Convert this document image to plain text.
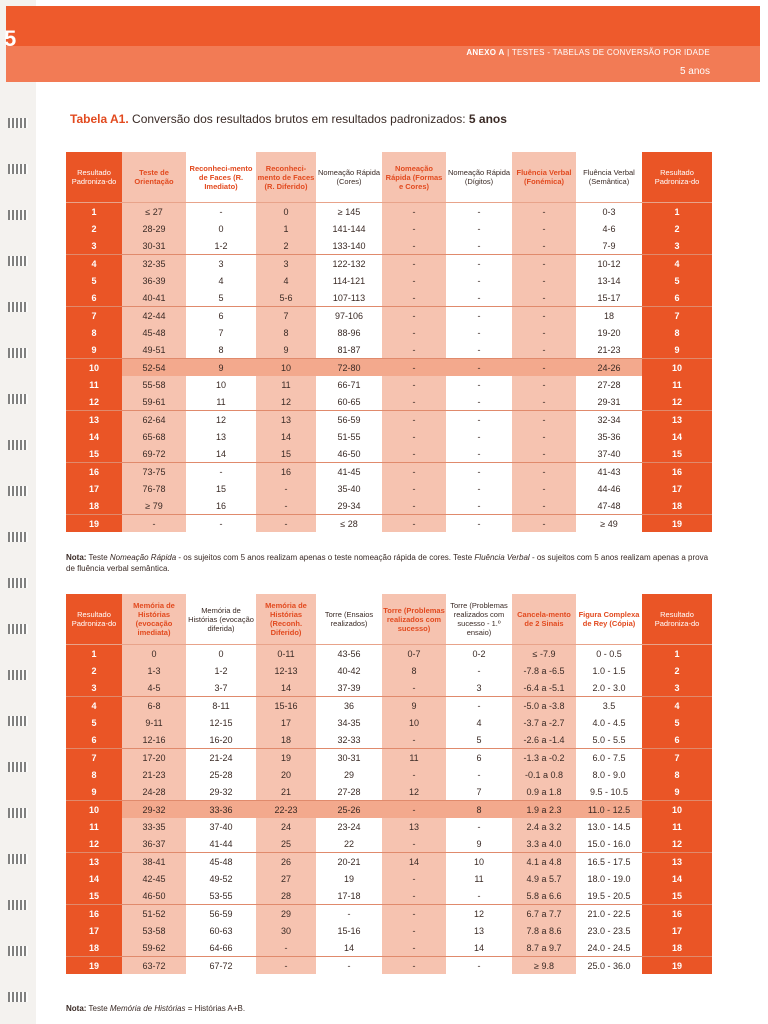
5
ANEXO A | TESTES - TABELAS DE CONVERSÃO POR IDADE
5 anos
Tabela A1. Conversão dos resultados brutos em resultados padronizados: 5 anos
Resultado Padroniza-do	Teste de Orientação	Reconheci-mento de Faces (R. Imediato)	Reconheci-mento de Faces (R. Diferido)	Nomeação Rápida (Cores)	Nomeação Rápida (Formas e Cores)	Nomeação Rápida (Dígitos)	Fluência Verbal (Fonémica)	Fluência Verbal (Semântica)	Resultado Padroniza-do
1	≤ 27	-	0	≥ 145	-	-	-	0-3	1
2	28-29	0	1	141-144	-	-	-	4-6	2
3	30-31	1-2	2	133-140	-	-	-	7-9	3
4	32-35	3	3	122-132	-	-	-	10-12	4
5	36-39	4	4	114-121	-	-	-	13-14	5
6	40-41	5	5-6	107-113	-	-	-	15-17	6
7	42-44	6	7	97-106	-	-	-	18	7
8	45-48	7	8	88-96	-	-	-	19-20	8
9	49-51	8	9	81-87	-	-	-	21-23	9
10	52-54	9	10	72-80	-	-	-	24-26	10
11	55-58	10	11	66-71	-	-	-	27-28	11
12	59-61	11	12	60-65	-	-	-	29-31	12
13	62-64	12	13	56-59	-	-	-	32-34	13
14	65-68	13	14	51-55	-	-	-	35-36	14
15	69-72	14	15	46-50	-	-	-	37-40	15
16	73-75	-	16	41-45	-	-	-	41-43	16
17	76-78	15	-	35-40	-	-	-	44-46	17
18	≥ 79	16	-	29-34	-	-	-	47-48	18
19	-	-	-	≤ 28	-	-	-	≥ 49	19
Nota: Teste Nomeação Rápida - os sujeitos com 5 anos realizam apenas o teste nomeação rápida de cores. Teste Fluência Verbal - os sujeitos com 5 anos realizam apenas a prova de fluência verbal semântica.
Resultado Padroniza-do	Memória de Histórias (evocação imediata)	Memória de Histórias (evocação diferida)	Memória de Histórias (Reconh. Diferido)	Torre (Ensaios realizados)	Torre (Problemas realizados com sucesso)	Torre (Problemas realizados com sucesso - 1.º ensaio)	Cancela-mento de 2 Sinais	Figura Complexa de Rey (Cópia)	Resultado Padroniza-do
1	0	0	0-11	43-56	0-7	0-2	≤ -7.9	0 - 0.5	1
2	1-3	1-2	12-13	40-42	8	-	-7.8 a -6.5	1.0 - 1.5	2
3	4-5	3-7	14	37-39	-	3	-6.4 a -5.1	2.0 - 3.0	3
4	6-8	8-11	15-16	36	9	-	-5.0 a -3.8	3.5	4
5	9-11	12-15	17	34-35	10	4	-3.7 a -2.7	4.0 - 4.5	5
6	12-16	16-20	18	32-33	-	5	-2.6 a -1.4	5.0 - 5.5	6
7	17-20	21-24	19	30-31	11	6	-1.3 a -0.2	6.0 - 7.5	7
8	21-23	25-28	20	29	-	-	-0.1 a 0.8	8.0 - 9.0	8
9	24-28	29-32	21	27-28	12	7	0.9 a 1.8	9.5 - 10.5	9
10	29-32	33-36	22-23	25-26	-	8	1.9 a 2.3	11.0 - 12.5	10
11	33-35	37-40	24	23-24	13	-	2.4 a 3.2	13.0 - 14.5	11
12	36-37	41-44	25	22	-	9	3.3 a 4.0	15.0 - 16.0	12
13	38-41	45-48	26	20-21	14	10	4.1 a 4.8	16.5 - 17.5	13
14	42-45	49-52	27	19	-	11	4.9 a 5.7	18.0 - 19.0	14
15	46-50	53-55	28	17-18	-	-	5.8 a 6.6	19.5 - 20.5	15
16	51-52	56-59	29	-	-	12	6.7 a 7.7	21.0 - 22.5	16
17	53-58	60-63	30	15-16	-	13	7.8 a 8.6	23.0 - 23.5	17
18	59-62	64-66	-	14	-	14	8.7 a 9.7	24.0 - 24.5	18
19	63-72	67-72	-	-	-	-	≥ 9.8	25.0 - 36.0	19
Nota: Teste Memória de Histórias = Histórias A+B.
